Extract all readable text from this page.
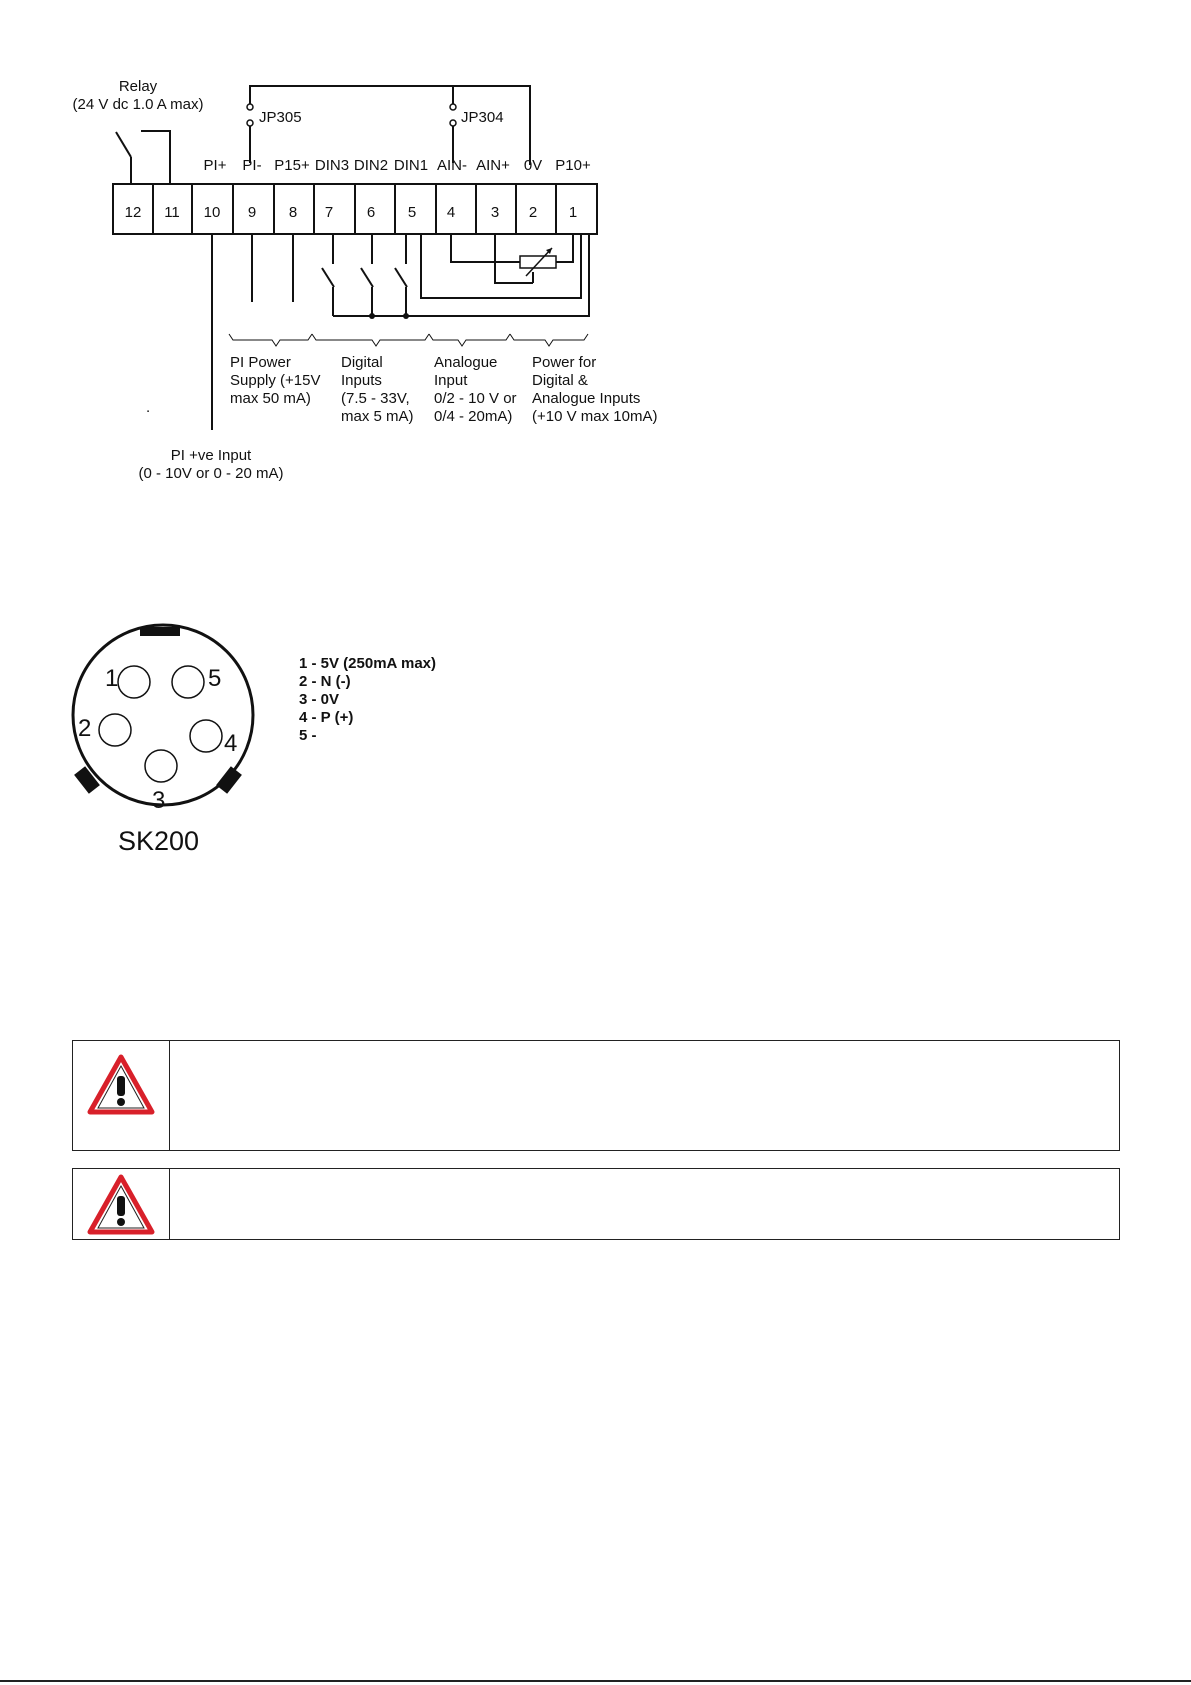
Relay
(24 V dc 1.0 A max)
JP305	JP304
PI+ PI- P15+ DIN3 DIN2 DIN1 AIN- AIN+ 0V P10+
12 11 10 9 8 7 6 5 4 3 2 1
PI Power
Supply (+15V
max 50 mA)
Digital
Inputs
(7.5 - 33V,
max 5 mA)
Analogue
Input
0/2 - 10 V or
0/4 - 20mA)
Power for
Digital &
Analogue Inputs
(+10 V max 10mA)
.
PI +ve Input
(0 - 10V or 0 - 20 mA)
1
2
3
4
5
SK200
1 - 5V (250mA max)
2 - N (-)
3 - 0V
4 - P (+)
5 -
